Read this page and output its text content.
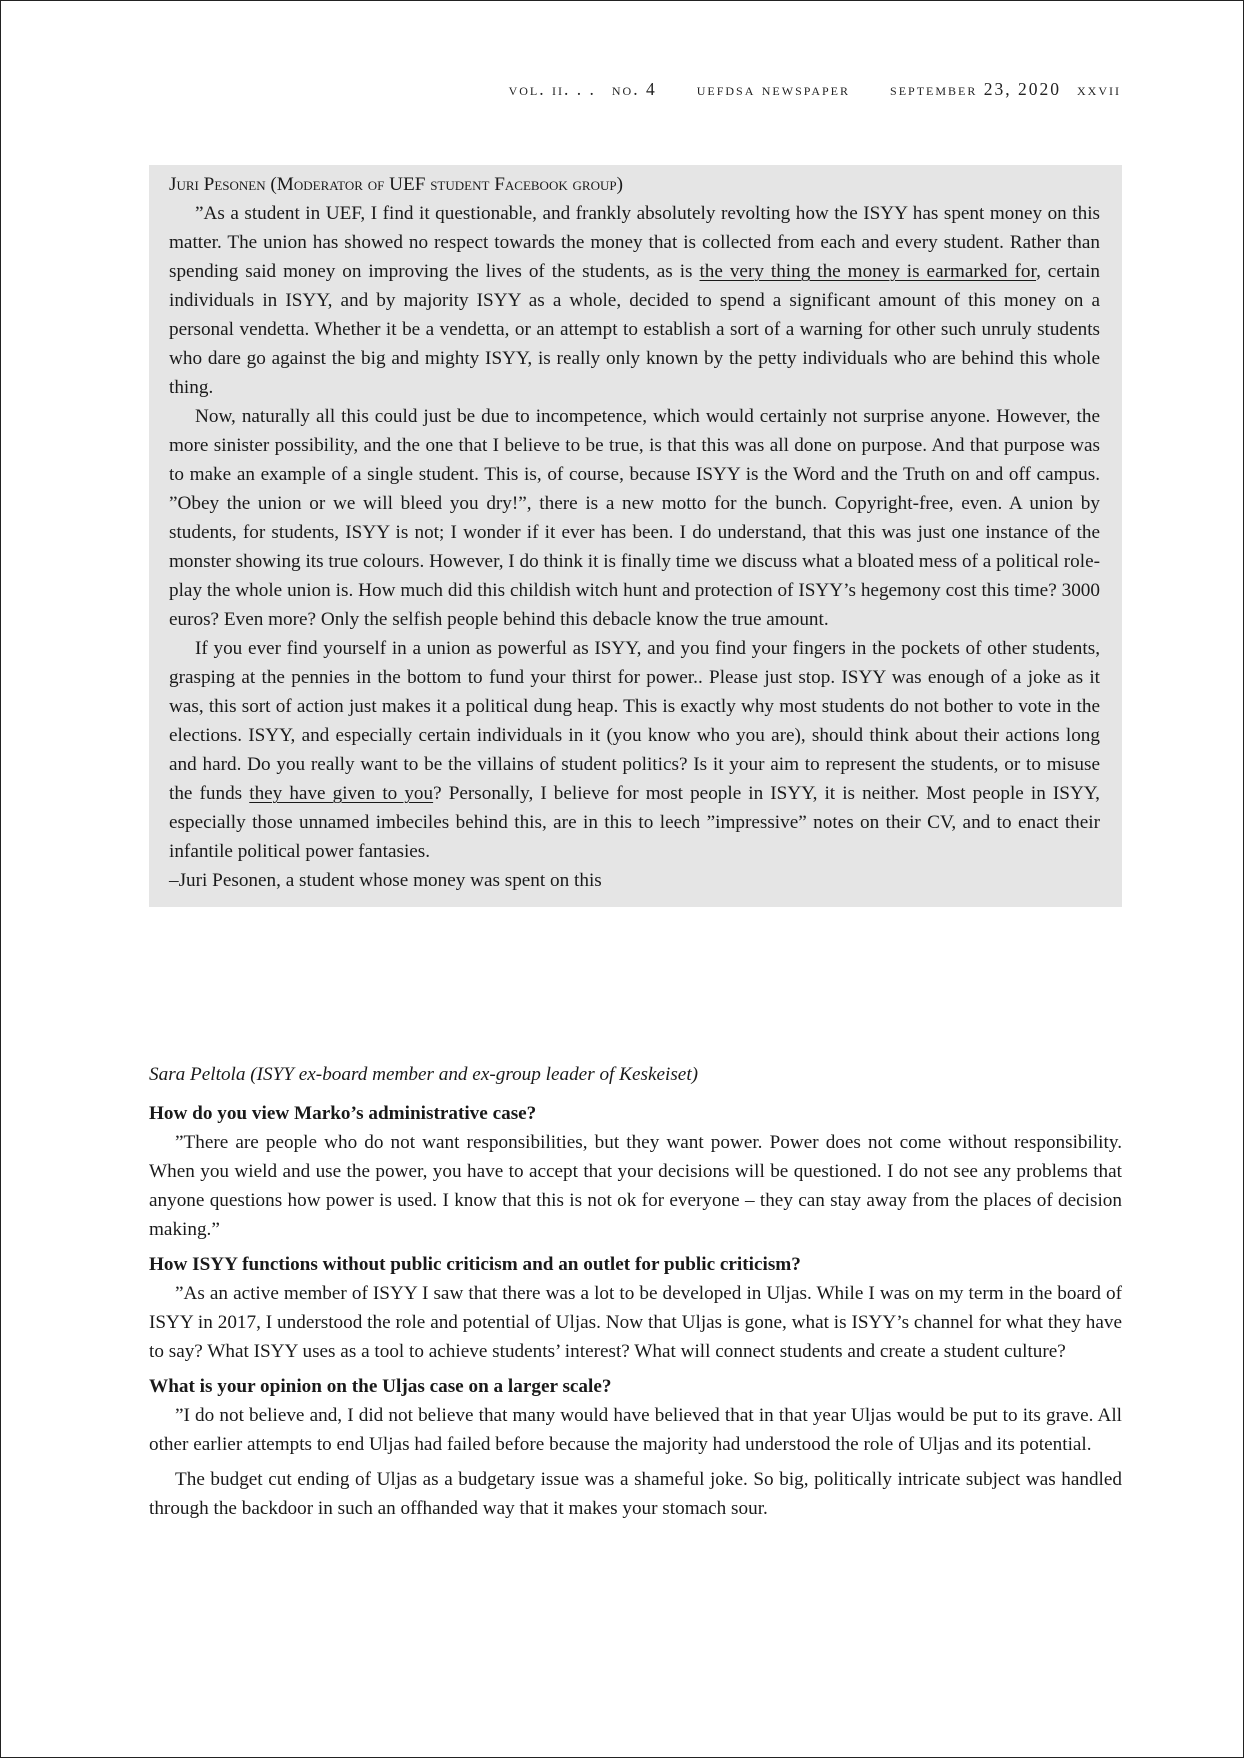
vol. ii. . . no. 4 uefdsa newspaper september 23, 2020 xxvii

Juri Pesonen (Moderator of UEF student Facebook group)

”As a student in UEF, I find it questionable, and frankly absolutely revolting how the ISYY has spent money on this matter. The union has showed no respect towards the money that is collected from each and every student. Rather than spending said money on improving the lives of the students, as is the very thing the money is earmarked for, certain individuals in ISYY, and by majority ISYY as a whole, decided to spend a significant amount of this money on a personal vendetta. Whether it be a vendetta, or an attempt to establish a sort of a warning for other such unruly students who dare go against the big and mighty ISYY, is really only known by the petty individuals who are behind this whole thing.

Now, naturally all this could just be due to incompetence, which would certainly not surprise anyone. However, the more sinister possibility, and the one that I believe to be true, is that this was all done on purpose. And that purpose was to make an example of a single student. This is, of course, because ISYY is the Word and the Truth on and off campus. ”Obey the union or we will bleed you dry!”, there is a new motto for the bunch. Copyright-free, even. A union by students, for students, ISYY is not; I wonder if it ever has been. I do understand, that this was just one instance of the monster showing its true colours. However, I do think it is finally time we discuss what a bloated mess of a political role-play the whole union is. How much did this childish witch hunt and protection of ISYY’s hegemony cost this time? 3000 euros? Even more? Only the selfish people behind this debacle know the true amount.

If you ever find yourself in a union as powerful as ISYY, and you find your fingers in the pockets of other students, grasping at the pennies in the bottom to fund your thirst for power.. Please just stop. ISYY was enough of a joke as it was, this sort of action just makes it a political dung heap. This is exactly why most students do not bother to vote in the elections. ISYY, and especially certain individuals in it (you know who you are), should think about their actions long and hard. Do you really want to be the villains of student politics? Is it your aim to represent the students, or to misuse the funds they have given to you? Personally, I believe for most people in ISYY, it is neither. Most people in ISYY, especially those unnamed imbeciles behind this, are in this to leech ”impressive” notes on their CV, and to enact their infantile political power fantasies.

–Juri Pesonen, a student whose money was spent on this

Sara Peltola (ISYY ex-board member and ex-group leader of Keskeiset)

How do you view Marko’s administrative case?

”There are people who do not want responsibilities, but they want power. Power does not come without responsibility. When you wield and use the power, you have to accept that your decisions will be questioned. I do not see any problems that anyone questions how power is used. I know that this is not ok for everyone – they can stay away from the places of decision making.”

How ISYY functions without public criticism and an outlet for public criticism?

”As an active member of ISYY I saw that there was a lot to be developed in Uljas. While I was on my term in the board of ISYY in 2017, I understood the role and potential of Uljas. Now that Uljas is gone, what is ISYY’s channel for what they have to say? What ISYY uses as a tool to achieve students’ interest? What will connect students and create a student culture?

What is your opinion on the Uljas case on a larger scale?

”I do not believe and, I did not believe that many would have believed that in that year Uljas would be put to its grave. All other earlier attempts to end Uljas had failed before because the majority had understood the role of Uljas and its potential.

The budget cut ending of Uljas as a budgetary issue was a shameful joke. So big, politically intricate subject was handled through the backdoor in such an offhanded way that it makes your stomach sour.
